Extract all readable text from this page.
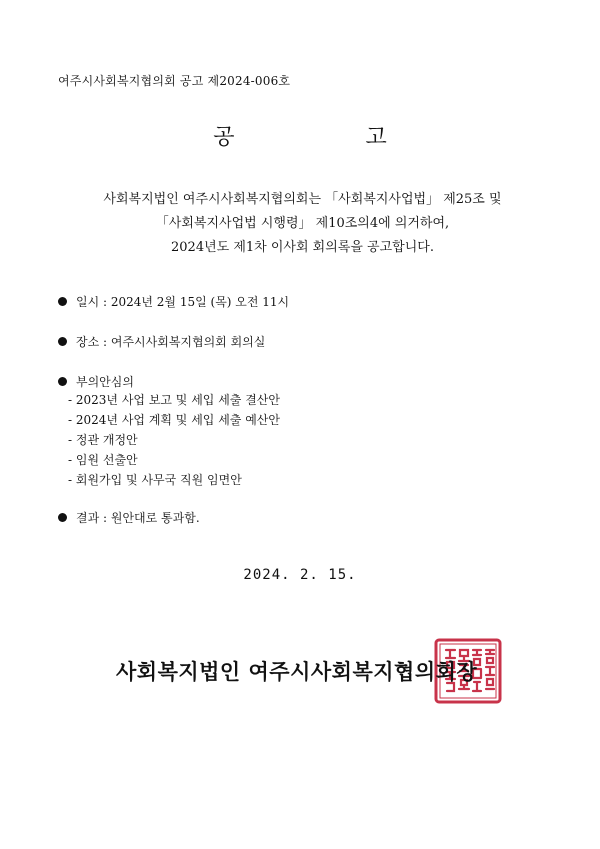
여주시사회복지협의회 공고 제2024-006호
공 고
사회복지법인 여주시사회복지협의회는 「사회복지사업법」 제25조 및
「사회복지사업법 시행령」 제10조의4에 의거하여,
2024년도 제1차 이사회 회의록을 공고합니다.
일시 : 2024년 2월 15일 (목) 오전 11시
장소 : 여주시사회복지협의회 회의실
부의안심의
- 2023년 사업 보고 및 세입 세출 결산안
- 2024년 사업 계획 및 세입 세출 예산안
- 정관 개정안
- 임원 선출안
- 회원가입 및 사무국 직원 임면안
결과 : 원안대로 통과함.
2024. 2. 15.
사회복지법인 여주시사회복지협의회장
